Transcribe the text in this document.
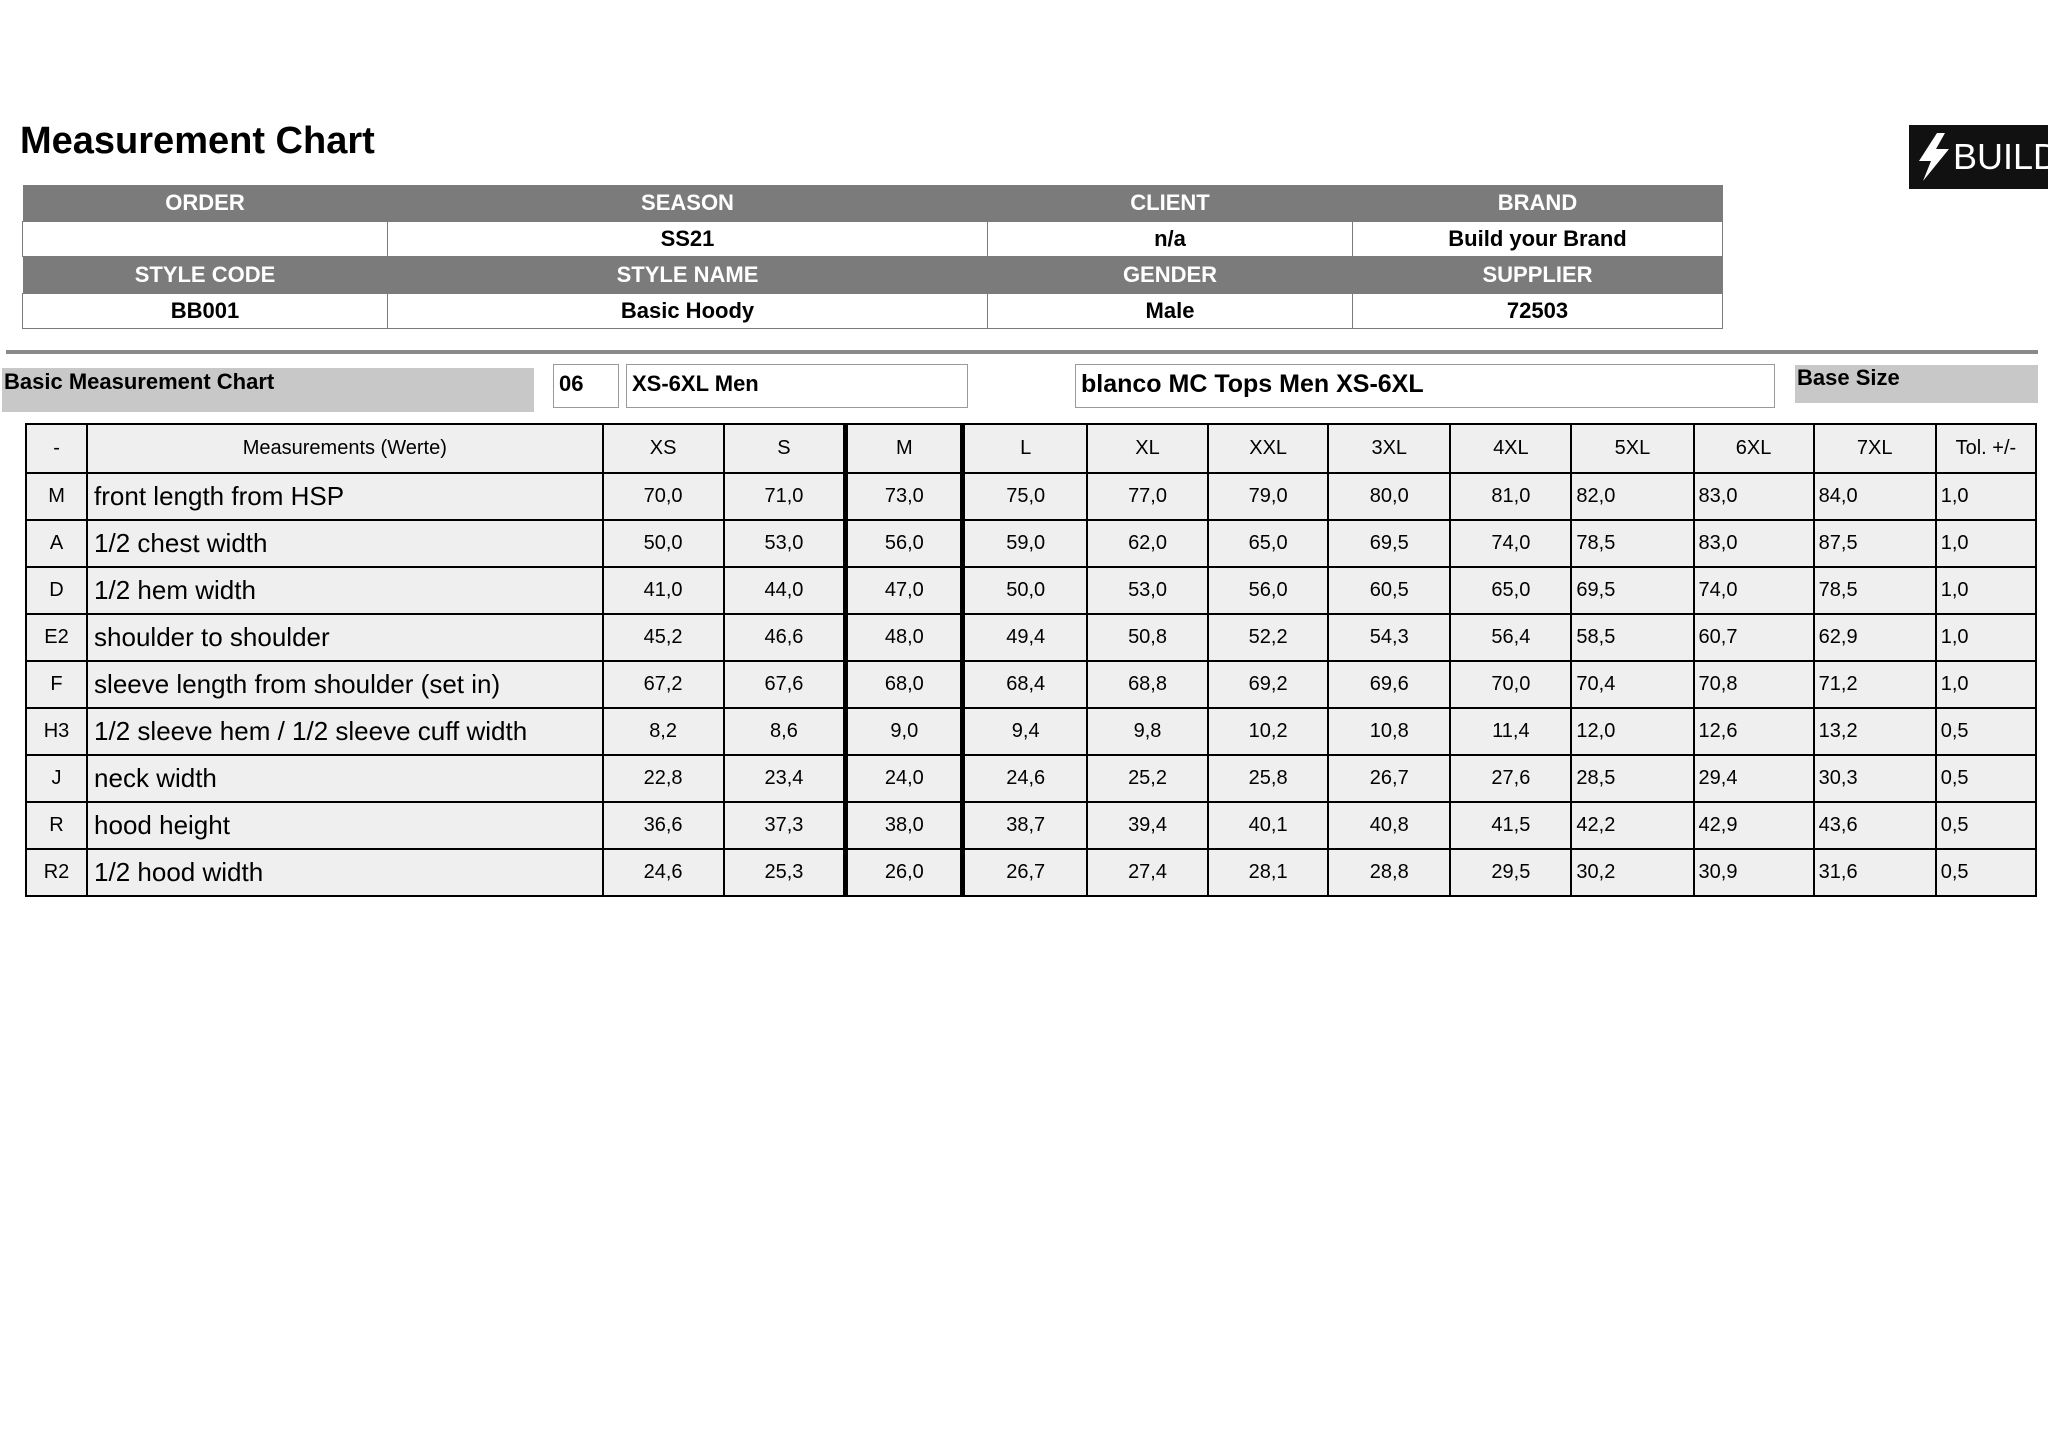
Measurement Chart	BUILD
ORDER	SEASON	CLIENT	BRAND
	SS21	n/a	Build your Brand
STYLE CODE	STYLE NAME	GENDER	SUPPLIER
BB001	Basic Hoody	Male	72503
Basic Measurement Chart	06	XS-6XL Men	blanco MC Tops Men XS-6XL	Base Size
-	Measurements (Werte)	XS	S	M	L	XL	XXL	3XL	4XL	5XL	6XL	7XL	Tol. +/-
M	front length from HSP	70,0	71,0	73,0	75,0	77,0	79,0	80,0	81,0	82,0	83,0	84,0	1,0
A	1/2 chest width	50,0	53,0	56,0	59,0	62,0	65,0	69,5	74,0	78,5	83,0	87,5	1,0
D	1/2 hem width	41,0	44,0	47,0	50,0	53,0	56,0	60,5	65,0	69,5	74,0	78,5	1,0
E2	shoulder to shoulder	45,2	46,6	48,0	49,4	50,8	52,2	54,3	56,4	58,5	60,7	62,9	1,0
F	sleeve length from shoulder (set in)	67,2	67,6	68,0	68,4	68,8	69,2	69,6	70,0	70,4	70,8	71,2	1,0
H3	1/2 sleeve hem / 1/2 sleeve cuff width	8,2	8,6	9,0	9,4	9,8	10,2	10,8	11,4	12,0	12,6	13,2	0,5
J	neck width	22,8	23,4	24,0	24,6	25,2	25,8	26,7	27,6	28,5	29,4	30,3	0,5
R	hood height	36,6	37,3	38,0	38,7	39,4	40,1	40,8	41,5	42,2	42,9	43,6	0,5
R2	1/2 hood width	24,6	25,3	26,0	26,7	27,4	28,1	28,8	29,5	30,2	30,9	31,6	0,5
